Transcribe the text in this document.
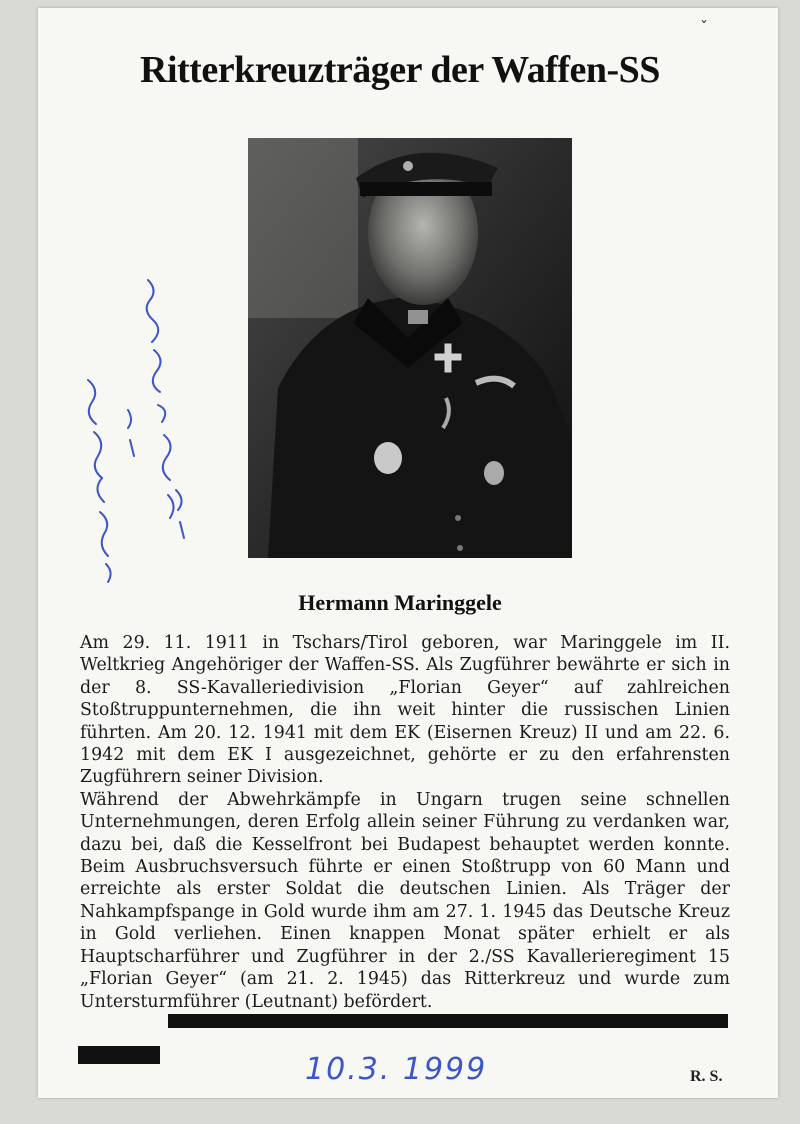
ˇ
Ritterkreuzträger der Waffen-SS
Hermann Maringgele

Am 29. 11. 1911 in Tschars/Tirol geboren, war Maringgele im II. Weltkrieg Angehöriger der Waffen-SS. Als Zugführer bewährte er sich in der 8. SS-Kavalleriedivision „Florian Geyer“ auf zahlreichen Stoßtruppunternehmen, die ihn weit hinter die russischen Linien führten. Am 20. 12. 1941 mit dem EK (Eisernen Kreuz) II und am 22. 6. 1942 mit dem EK I ausgezeichnet, gehörte er zu den erfahrensten Zugführern seiner Division.

Während der Abwehrkämpfe in Ungarn trugen seine schnellen Unternehmungen, deren Erfolg allein seiner Führung zu verdanken war, dazu bei, daß die Kesselfront bei Budapest behauptet werden konnte. Beim Ausbruchsversuch führte er einen Stoßtrupp von 60 Mann und erreichte als erster Soldat die deutschen Linien. Als Träger der Nahkampfspange in Gold wurde ihm am 27. 1. 1945 das Deutsche Kreuz in Gold verliehen. Einen knappen Monat später erhielt er als Hauptscharführer und Zugführer in der 2./SS Kavallerieregiment 15 „Florian Geyer“ (am 21. 2. 1945) das Ritterkreuz und wurde zum Untersturmführer (Leutnant) befördert.

10.3. 1999	R. S.
